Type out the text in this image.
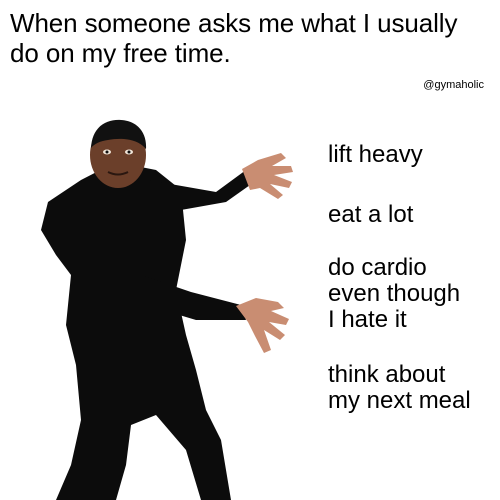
When someone asks me what I usually
do on my free time.
@gymaholic
lift heavy
eat a lot
do cardio
even though
I hate it
think about
my next meal
